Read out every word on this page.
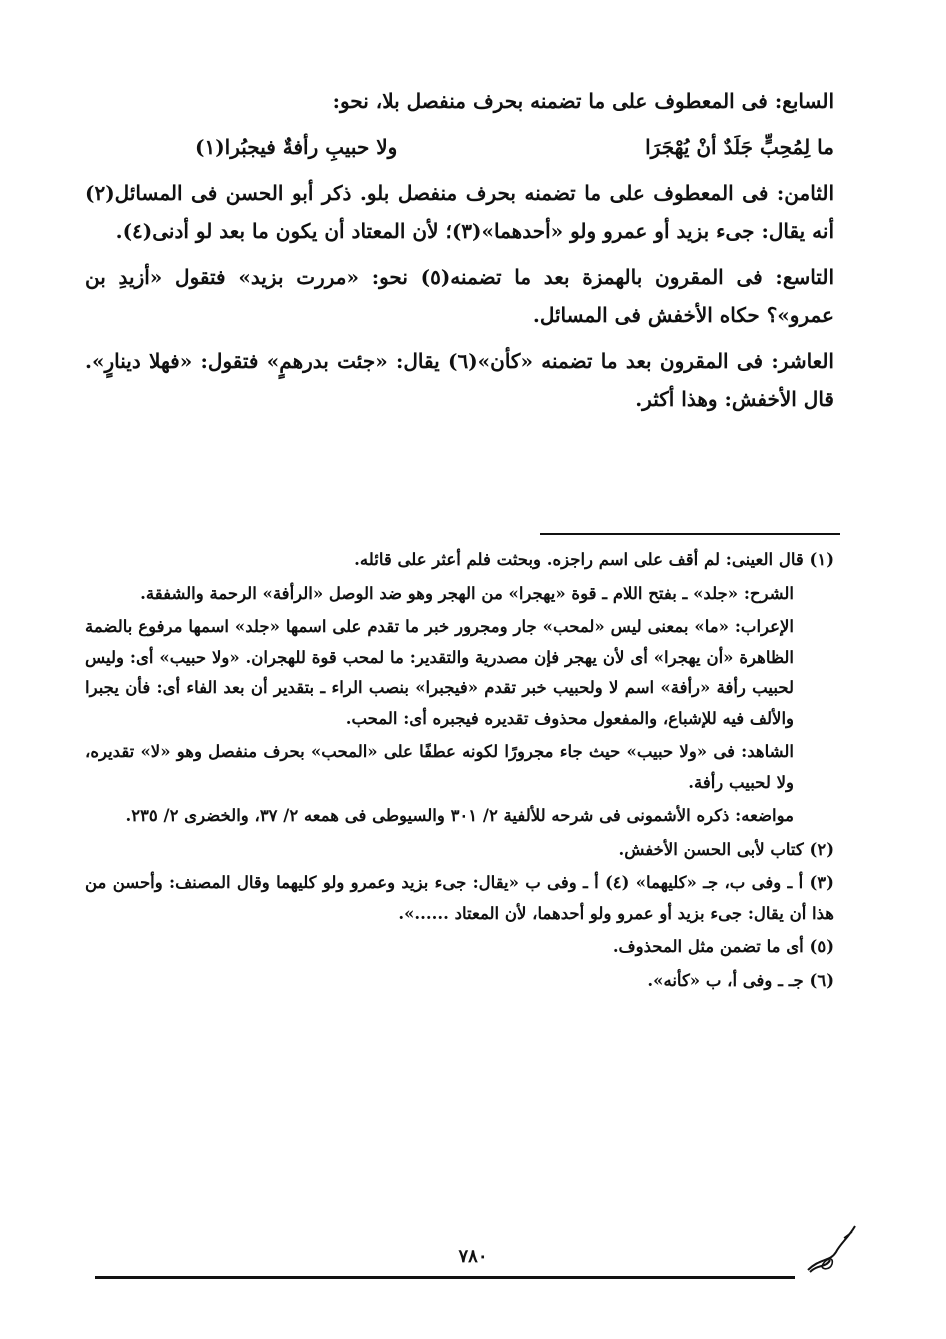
السابع: فى المعطوف على ما تضمنه بحرف منفصل بلا، نحو:

ما لِمُحِبٍّ جَلَدٌ أنْ يُهْجَرَا
ولا حبيبِ رأفةٌ فيجبُرا(١)

الثامن: فى المعطوف على ما تضمنه بحرف منفصل بلو. ذكر أبو الحسن فى المسائل(٢) أنه يقال: جىء بزيد أو عمرو ولو «أحدهما»(٣)؛ لأن المعتاد أن يكون ما بعد لو أدنى(٤).

التاسع: فى المقرون بالهمزة بعد ما تضمنه(٥) نحو: «مررت بزيد» فتقول «أزيدِ بن عمرو»؟ حكاه الأخفش فى المسائل.

العاشر: فى المقرون بعد ما تضمنه «كأن»(٦) يقال: «جئت بدرهمٍ» فتقول: «فهلا دينارٍ». قال الأخفش: وهذا أكثر.

(١) قال العينى: لم أقف على اسم راجزه. وبحثت فلم أعثر على قائله.

الشرح: «جلد» ـ بفتح اللام ـ قوة «يهجرا» من الهجر وهو ضد الوصل «الرأفة» الرحمة والشفقة.

الإعراب: «ما» بمعنى ليس «لمحب» جار ومجرور خبر ما تقدم على اسمها «جلد» اسمها مرفوع بالضمة الظاهرة «أن يهجرا» أى لأن يهجر فإن مصدرية والتقدير: ما لمحب قوة للهجران. «ولا حبيب» أى: وليس لحبيب رأفة «رأفة» اسم لا ولحبيب خبر تقدم «فيجبرا» بنصب الراء ـ بتقدير أن بعد الفاء أى: فأن يجبرا والألف فيه للإشباع، والمفعول محذوف تقديره فيجبره أى: المحب.

الشاهد: فى «ولا حبيب» حيث جاء مجرورًا لكونه عطفًا على «المحب» بحرف منفصل وهو «لا» تقديره، ولا لحبيب رأفة.

مواضعه: ذكره الأشمونى فى شرحه للألفية ٢/ ٣٠١ والسيوطى فى همعه ٢/ ٣٧، والخضرى ٢/ ٢٣٥.

(٢) كتاب لأبى الحسن الأخفش.

(٣) أ ـ وفى ب، جـ «كليهما» (٤) أ ـ وفى ب «يقال: جىء بزيد وعمرو ولو كليهما وقال المصنف: وأحسن من هذا أن يقال: جىء بزيد أو عمرو ولو أحدهما، لأن المعتاد ......».

(٥) أى ما تضمن مثل المحذوف.

(٦) جـ ـ وفى أ، ب «كأنه».

٧٨٠
